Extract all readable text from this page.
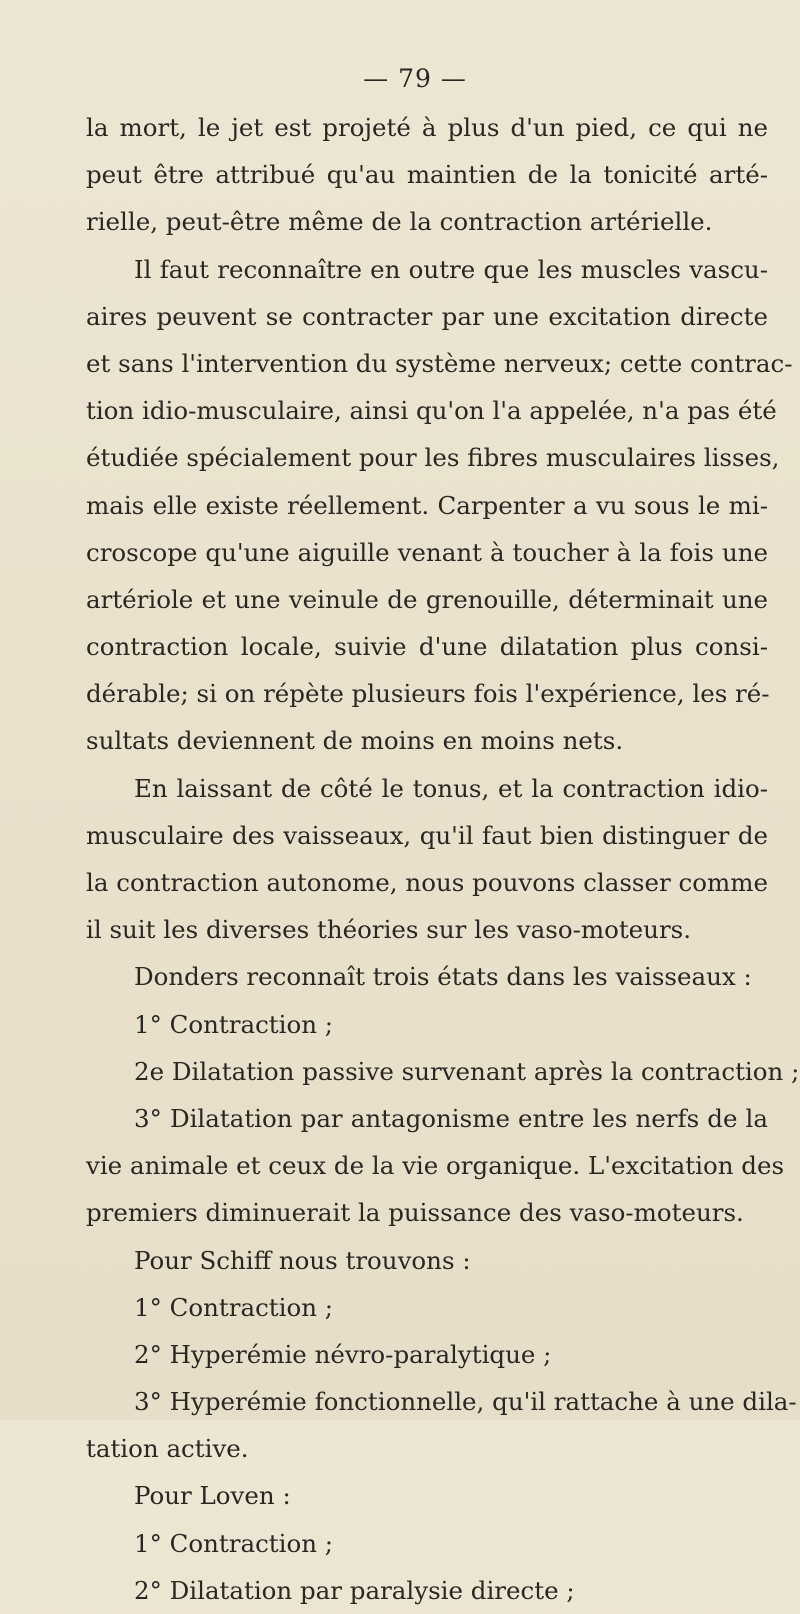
— 79 —
la mort, le jet est projeté à plus d'un pied, ce qui ne
peut être attribué qu'au maintien de la tonicité arté-
rielle, peut-être même de la contraction artérielle.
Il faut reconnaître en outre que les muscles vascu-
aires peuvent se contracter par une excitation directe
et sans l'intervention du système nerveux; cette contrac-
tion idio-musculaire, ainsi qu'on l'a appelée, n'a pas été
étudiée spécialement pour les fibres musculaires lisses,
mais elle existe réellement. Carpenter a vu sous le mi-
croscope qu'une aiguille venant à toucher à la fois une
artériole et une veinule de grenouille, déterminait une
contraction locale, suivie d'une dilatation plus consi-
dérable; si on répète plusieurs fois l'expérience, les ré-
sultats deviennent de moins en moins nets.
En laissant de côté le tonus, et la contraction idio-
musculaire des vaisseaux, qu'il faut bien distinguer de
la contraction autonome, nous pouvons classer comme
il suit les diverses théories sur les vaso-moteurs.
Donders reconnaît trois états dans les vaisseaux :
1° Contraction ;
2e Dilatation passive survenant après la contraction ;
3° Dilatation par antagonisme entre les nerfs de la
vie animale et ceux de la vie organique. L'excitation des
premiers diminuerait la puissance des vaso-moteurs.
Pour Schiff nous trouvons :
1° Contraction ;
2° Hyperémie névro-paralytique ;
3° Hyperémie fonctionnelle, qu'il rattache à une dila-
tation active.
Pour Loven :
1° Contraction ;
2° Dilatation par paralysie directe ;
